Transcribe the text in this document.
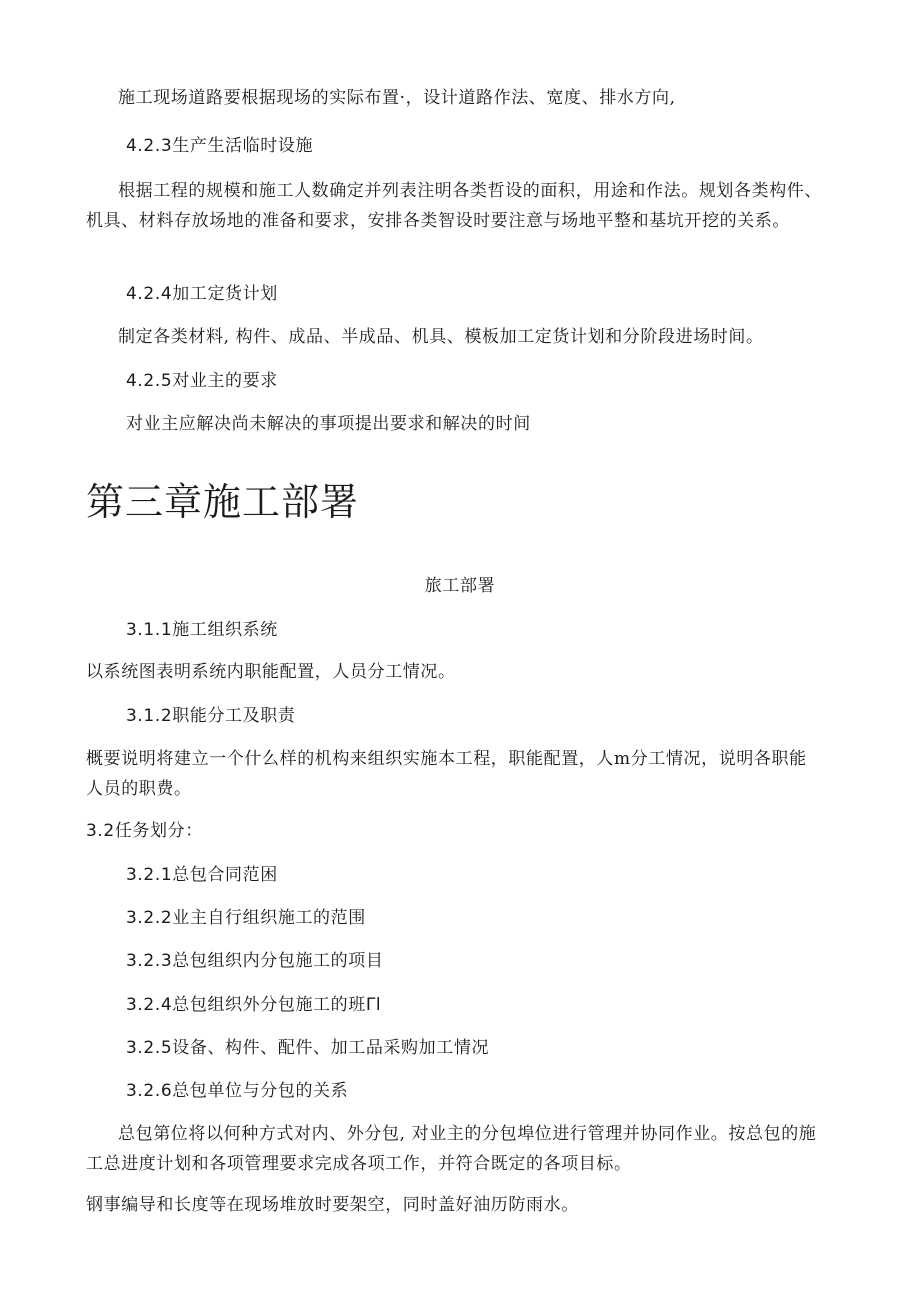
施工现场道路要根据现场的实际布置·，设计道路作法、宽度、排水方向,
4.2.3生产生活临时设施
根据工程的规模和施工人数确定并列表注明各类哲设的面积，用途和作法。规划各类构件、机具、材料存放场地的准备和要求，安排各类智设时要注意与场地平整和基坑开挖的关系。
4.2.4加工定货计划
制定各类材料, 构件、成品、半成品、机具、模板加工定货计划和分阶段进场时间。
4.2.5对业主的要求
对业主应解决尚未解决的事项提出要求和解决的时间
第三章施工部署
旅工部署
3.1.1施工组织系统
以系统图表明系统内职能配置，人员分工情况。
3.1.2职能分工及职责
概要说明将建立一个什么样的机构来组织实施本工程，职能配置，人m分工情况，说明各职能人员的职费。
3.2任务划分：
3.2.1总包合同范困
3.2.2业主自行组织施工的范围
3.2.3总包组织内分包施工的项目
3.2.4总包组织外分包施工的班Γl
3.2.5设备、构件、配件、加工品采购加工情况
3.2.6总包单位与分包的关系
总包第位将以何种方式对内、外分包, 对业主的分包埠位进行管理并协同作业。按总包的施工总进度计划和各项管理要求完成各项工作，并符合既定的各项目标。
钢事编导和长度等在现场堆放时要架空，同时盖好油历防雨水。
